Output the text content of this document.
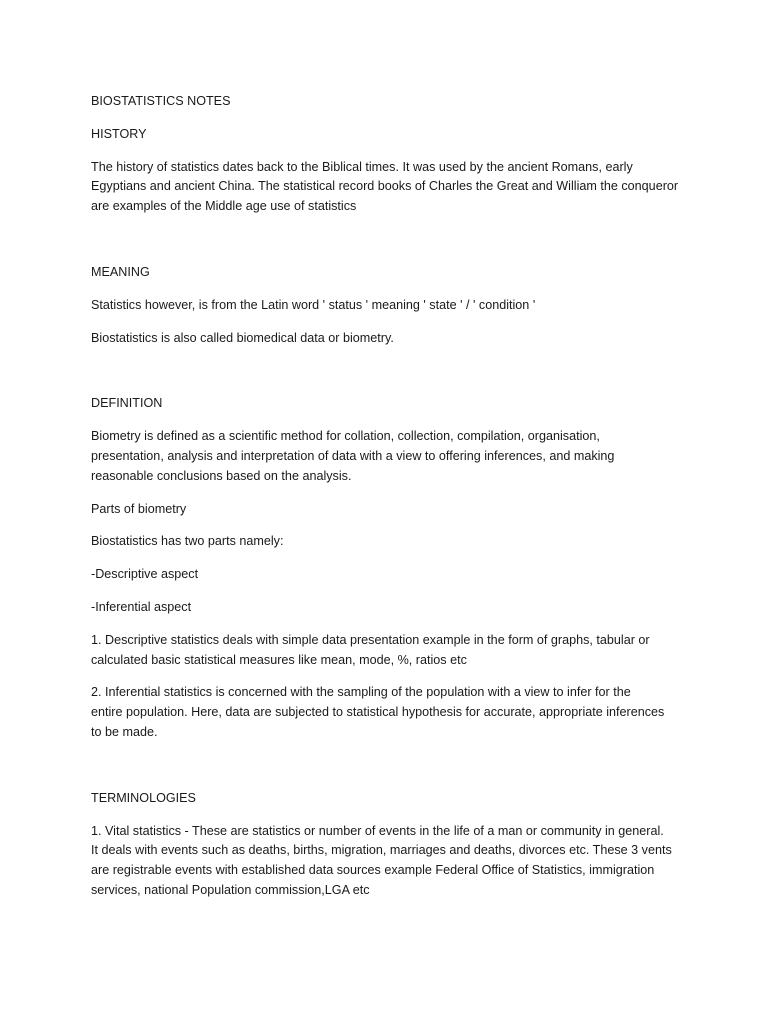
BIOSTATISTICS NOTES
HISTORY

The history of statistics dates back to the Biblical times. It was used by the ancient Romans, early
Egyptians and ancient China. The statistical record books of Charles the Great and William the conqueror
are examples of the Middle age use of statistics

MEANING

Statistics however, is from the Latin word ' status ' meaning ' state ' / ' condition '

Biostatistics is also called biomedical data or biometry.

DEFINITION

Biometry is defined as a scientific method for collation, collection, compilation, organisation,
presentation, analysis and interpretation of data with a view to offering inferences, and making
reasonable conclusions based on the analysis.

Parts of biometry

Biostatistics has two parts namely:

-Descriptive aspect

-Inferential aspect

1. Descriptive statistics deals with simple data presentation example in the form of graphs, tabular or
calculated basic statistical measures like mean, mode, %, ratios etc

2. Inferential statistics is concerned with the sampling of the population with a view to infer for the
entire population. Here, data are subjected to statistical hypothesis for accurate, appropriate inferences
to be made.

TERMINOLOGIES

1. Vital statistics - These are statistics or number of events in the life of a man or community in general.
It deals with events such as deaths, births, migration, marriages and deaths, divorces etc. These 3 vents
are registrable events with established data sources example Federal Office of Statistics, immigration
services, national Population commission,LGA etc
